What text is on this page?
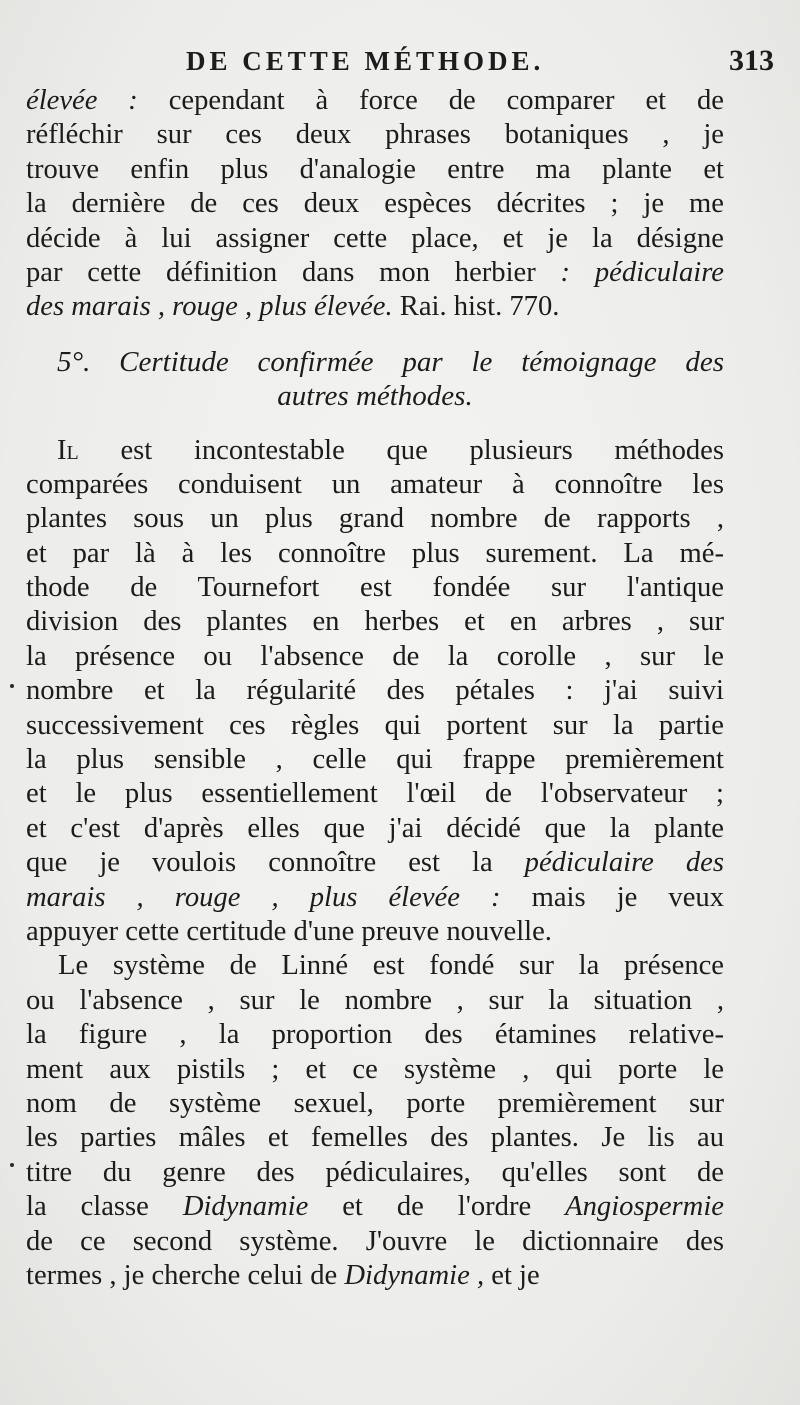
DE CETTE MÉTHODE.	313
élevée : cependant à force de comparer et de
réfléchir sur ces deux phrases botaniques , je
trouve enfin plus d'analogie entre ma plante et
la dernière de ces deux espèces décrites ; je me
décide à lui assigner cette place, et je la désigne
par cette définition dans mon herbier : pédiculaire
des marais , rouge , plus élevée. Rai. hist. 770.
5°. Certitude confirmée par le témoignage des
autres méthodes.
Il est incontestable que plusieurs méthodes
comparées conduisent un amateur à connoître les
plantes sous un plus grand nombre de rapports ,
et par là à les connoître plus surement. La mé-
thode de Tournefort est fondée sur l'antique
division des plantes en herbes et en arbres , sur
la présence ou l'absence de la corolle , sur le
nombre et la régularité des pétales : j'ai suivi
successivement ces règles qui portent sur la partie
la plus sensible , celle qui frappe premièrement
et le plus essentiellement l'œil de l'observateur ;
et c'est d'après elles que j'ai décidé que la plante
que je voulois connoître est la pédiculaire des
marais , rouge , plus élevée : mais je veux
appuyer cette certitude d'une preuve nouvelle.
Le système de Linné est fondé sur la présence
ou l'absence , sur le nombre , sur la situation ,
la figure , la proportion des étamines relative-
ment aux pistils ; et ce système , qui porte le
nom de système sexuel, porte premièrement sur
les parties mâles et femelles des plantes. Je lis au
titre du genre des pédiculaires, qu'elles sont de
la classe Didynamie et de l'ordre Angiospermie
de ce second système. J'ouvre le dictionnaire des
termes , je cherche celui de Didynamie , et je
